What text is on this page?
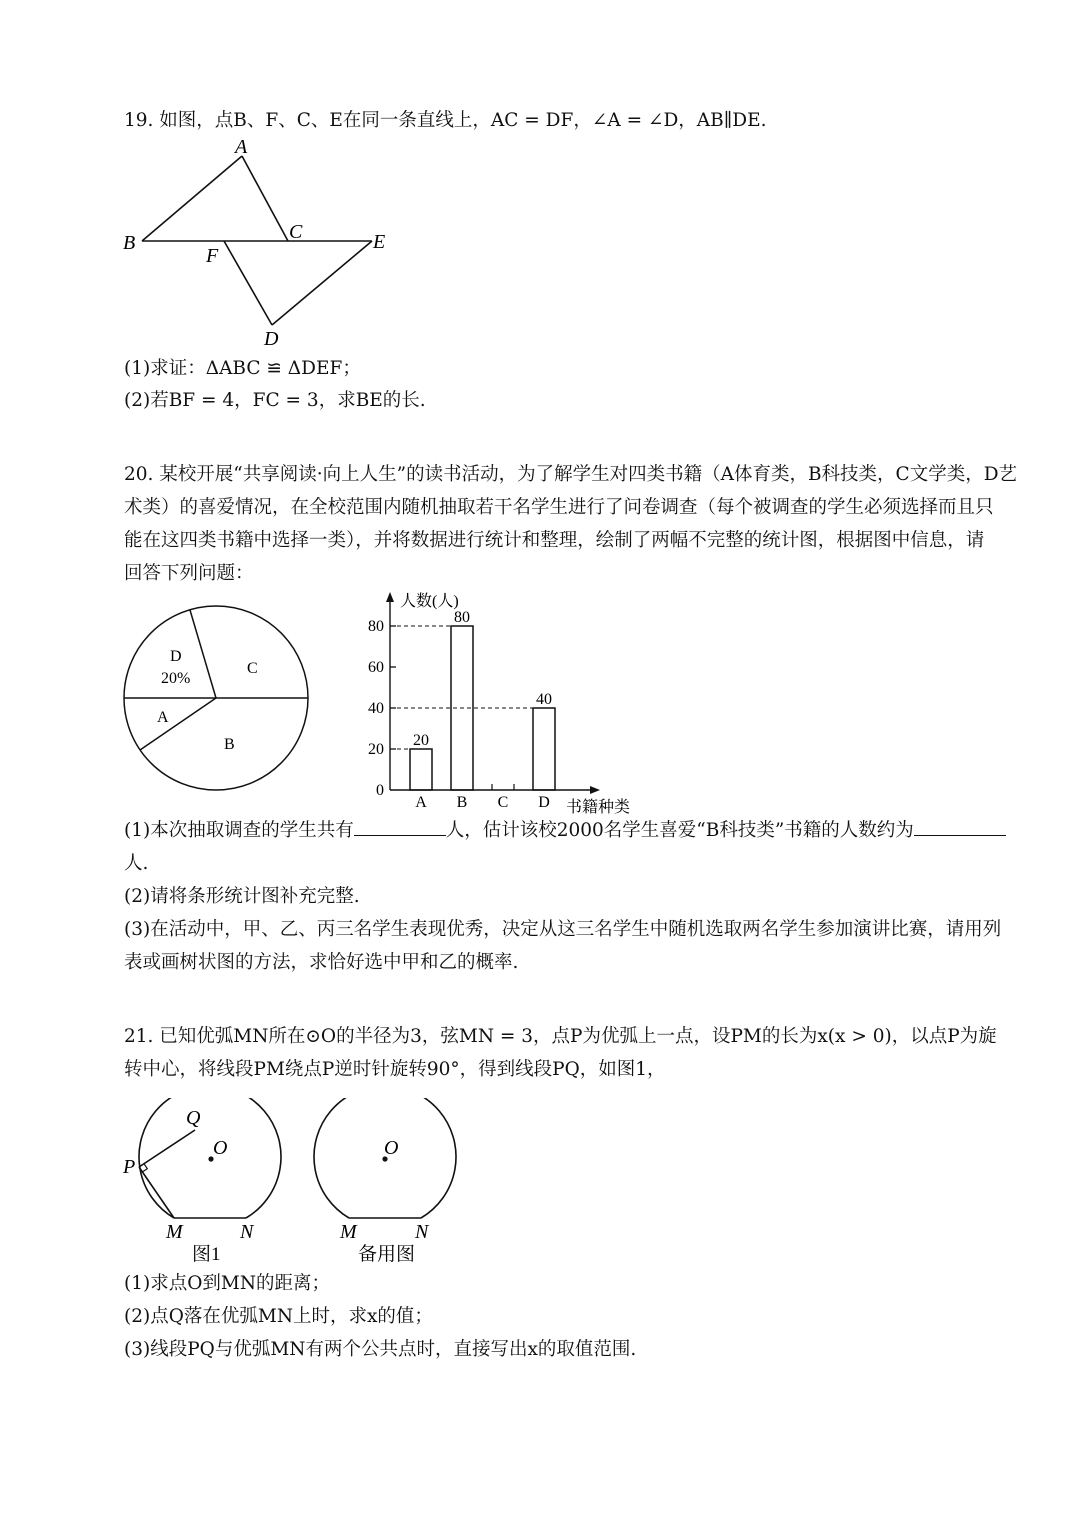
19. 如图，点B、F、C、E在同一条直线上，AC = DF，∠A = ∠D，AB∥DE.
A
B	C	E
F
D
(1)求证：ΔABC ≌ ΔDEF；
(2)若BF = 4，FC = 3，求BE的长.
20. 某校开展“共享阅读·向上人生”的读书活动，为了解学生对四类书籍（A体育类，B科技类，C文学类，D艺
术类）的喜爱情况，在全校范围内随机抽取若干名学生进行了问卷调查（每个被调查的学生必须选择而且只
能在这四类书籍中选择一类），并将数据进行统计和整理，绘制了两幅不完整的统计图，根据图中信息，请
回答下列问题：
D
20%
C
A
B
人数(人)
书籍种类
0
20
40
60
80
20
80
40
A B C D
(1)本次抽取调查的学生共有	人，估计该校2000名学生喜爱“B科技类”书籍的人数约为
人.
(2)请将条形统计图补充完整.
(3)在活动中，甲、乙、丙三名学生表现优秀，决定从这三名学生中随机选取两名学生参加演讲比赛，请用列
表或画树状图的方法，求恰好选中甲和乙的概率.
21. 已知优弧MN所在⊙O的半径为3，弦MN = 3，点P为优弧上一点，设PM的长为x(x > 0)，以点P为旋
转中心，将线段PM绕点P逆时针旋转90°，得到线段PQ，如图1，
Q
O
P
M	N
图1
O
M	N
备用图
(1)求点O到MN的距离；
(2)点Q落在优弧MN上时，求x的值；
(3)线段PQ与优弧MN有两个公共点时，直接写出x的取值范围.
